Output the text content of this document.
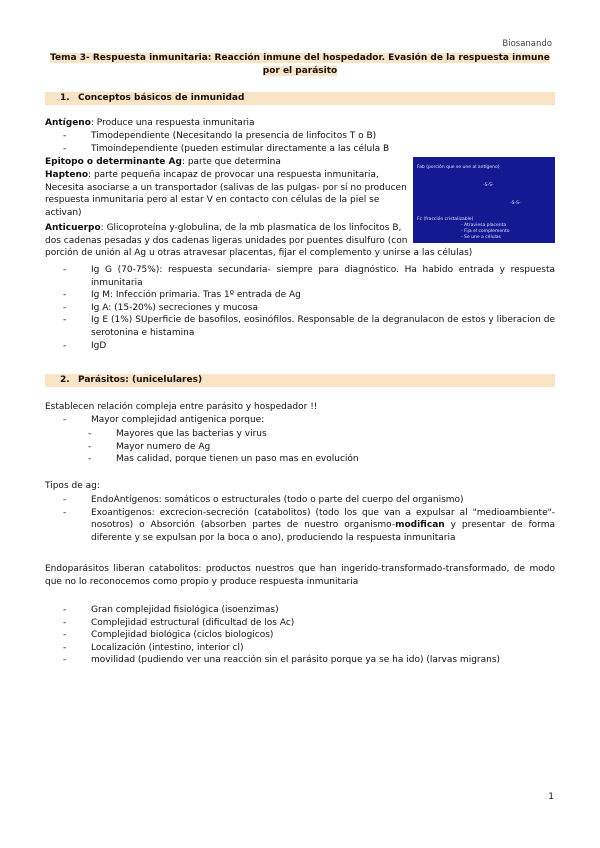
Biosanando
Tema 3- Respuesta inmunitaria: Reacción inmune del hospedador. Evasión de la respuesta inmune por el parásito
1. Conceptos básicos de inmunidad
Antígeno: Produce una respuesta inmunitaria
- Timodependiente (Necesitando la presencia de linfocitos T o B)
- Timoindependiente (pueden estimular directamente a las célula B
Epitopo o determinante Ag: parte que determina
Hapteno: parte pequeña incapaz de provocar una respuesta inmunitaria,
Necesita asociarse a un transportador (salivas de las pulgas- por sí no producen
respuesta inmunitaria pero al estar V en contacto con células de la piel se
activan)
Fab (porción que se une al antígeno)
-S-S-
-S-S-
Fc (fracción cristalizable)
- Atraviesa placenta
- Fija el complemento
- Se une a células
Anticuerpo: Glicoproteína y-globulina, de la mb plasmatica de los linfocitos B,
dos cadenas pesadas y dos cadenas ligeras unidades por puentes disulfuro (con
porción de unión al Ag u otras atravesar placentas, fijar el complemento y unirse a las células)
- Ig G (70-75%): respuesta secundaria- siempre para diagnóstico. Ha habido entrada y respuesta inmunitaria
- Ig M: Infección primaria. Tras 1º entrada de Ag
- Ig A: (15-20%) secreciones y mucosa
- Ig E (1%) SUperficie de basofilos, eosinófilos. Responsable de la degranulacon de estos y liberacion de serotonina e histamina
- IgD
2. Parásitos: (unicelulares)
Establecen relación compleja entre parásito y hospedador !!
- Mayor complejidad antigenica porque:
- Mayores que las bacterias y virus
- Mayor numero de Ag
- Mas calidad, porque tienen un paso mas en evolución
Tipos de ag:
- EndoAntígenos: somáticos o estructurales (todo o parte del cuerpo del organismo)
- Exoantigenos: excrecion-secreción (catabolitos) (todo los que van a expulsar al "medioambiente"-nosotros) o Absorción (absorben partes de nuestro organismo-modifican y presentar de forma diferente y se expulsan por la boca o ano), produciendo la respuesta inmunitaria
Endoparásitos liberan catabolitos: productos nuestros que han ingerido-transformado-transformado, de modo que no lo reconocemos como propio y produce respuesta inmunitaria
- Gran complejidad fisiológica (isoenzimas)
- Complejidad estructural (dificultad de los Ac)
- Complejidad biológica (ciclos biologicos)
- Localización (intestino, interior cl)
- movilidad (pudiendo ver una reacción sin el parásito porque ya se ha ido) (larvas migrans)
1
